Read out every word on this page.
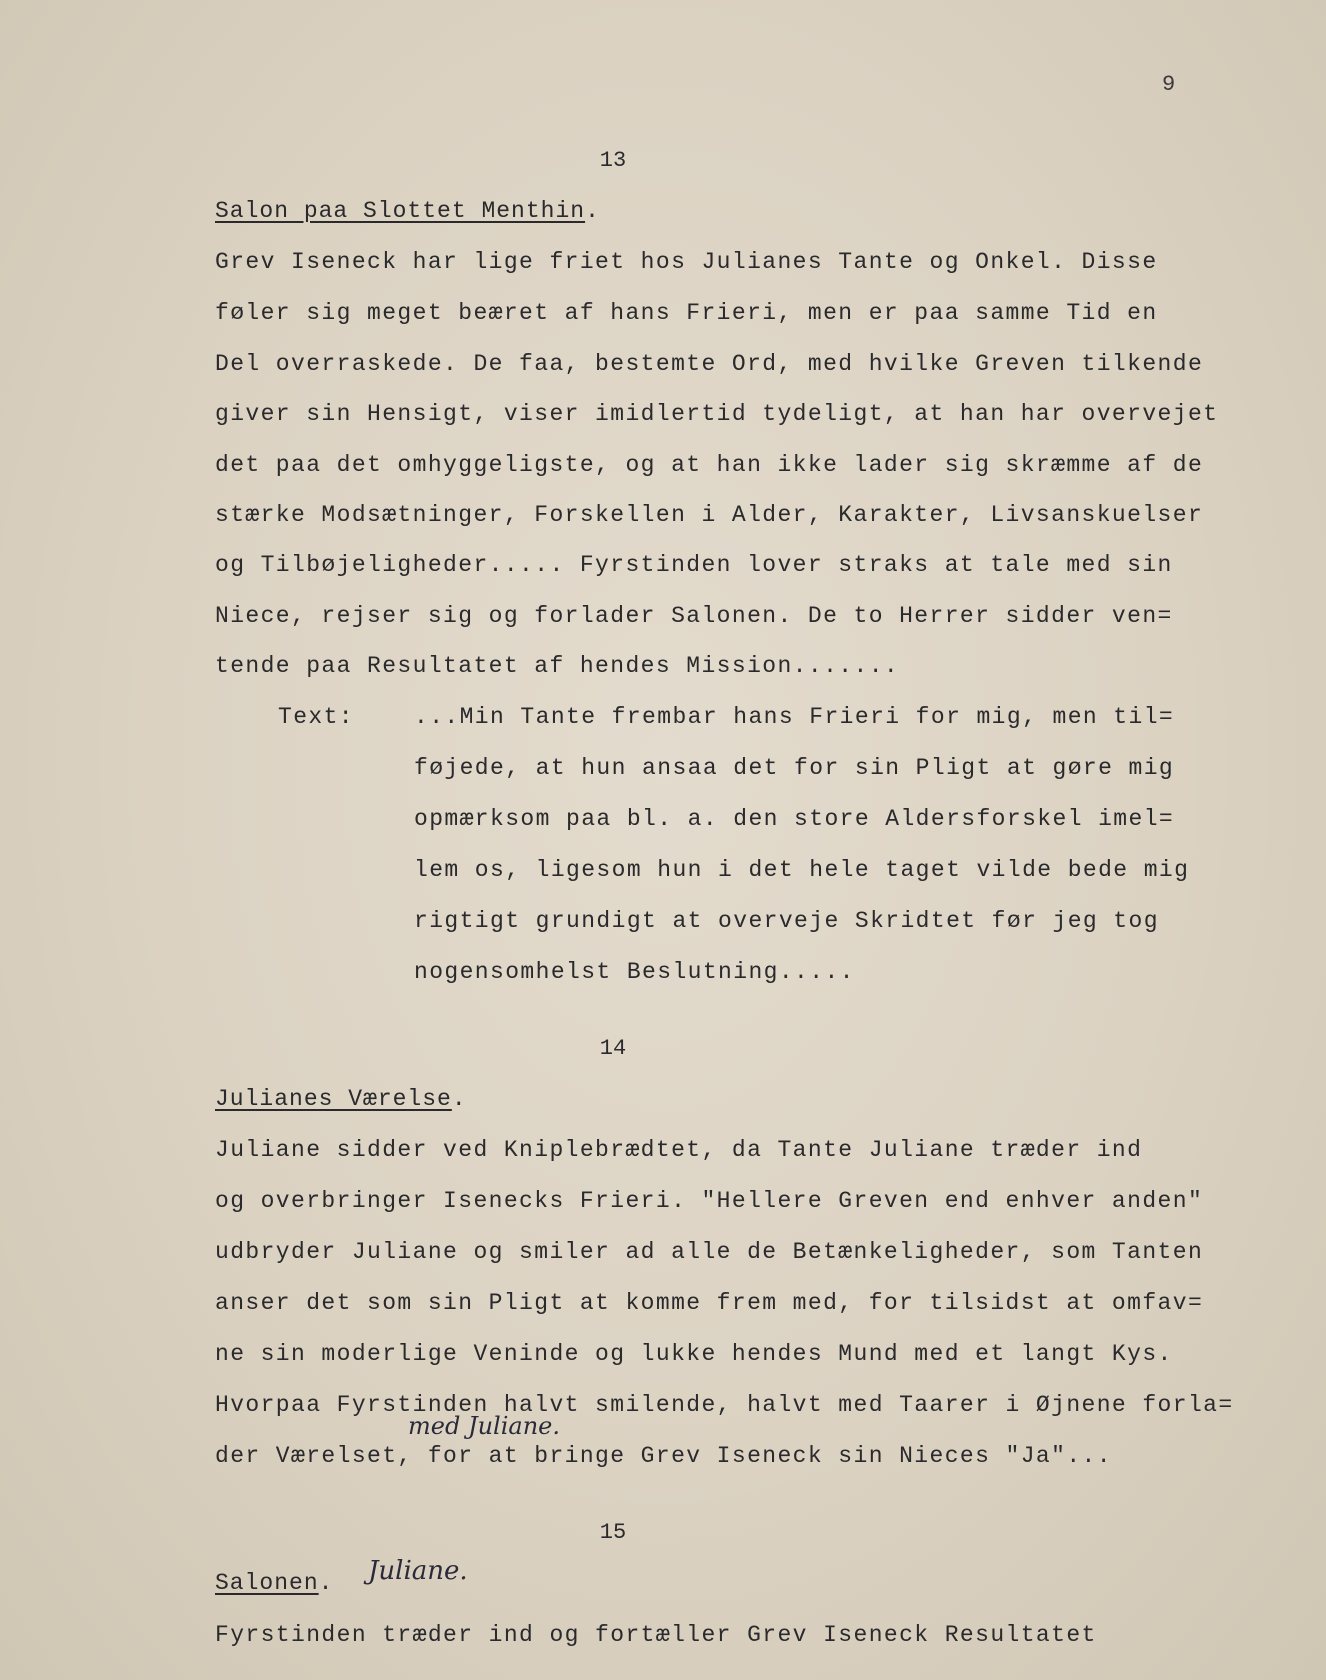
9
13
Salon paa Slottet Menthin.
Grev Iseneck har lige friet hos Julianes Tante og Onkel. Disse
føler sig meget beæret af hans Frieri, men er paa samme Tid en
Del overraskede. De faa, bestemte Ord, med hvilke Greven tilkende
giver sin Hensigt, viser imidlertid tydeligt, at han har overvejet
det paa det omhyggeligste, og at han ikke lader sig skræmme af de
stærke Modsætninger, Forskellen i Alder, Karakter, Livsanskuelser
og Tilbøjeligheder..... Fyrstinden lover straks at tale med sin
Niece, rejser sig og forlader Salonen. De to Herrer sidder ven=
tende paa Resultatet af hendes Mission.......
Text:	...Min Tante frembar hans Frieri for mig, men til=
føjede, at hun ansaa det for sin Pligt at gøre mig
opmærksom paa bl. a. den store Aldersforskel imel=
lem os, ligesom hun i det hele taget vilde bede mig
rigtigt grundigt at overveje Skridtet før jeg tog
nogensomhelst Beslutning.....
14
Julianes Værelse.
Juliane sidder ved Kniplebrædtet, da Tante Juliane træder ind
og overbringer Isenecks Frieri. "Hellere Greven end enhver anden"
udbryder Juliane og smiler ad alle de Betænkeligheder, som Tanten
anser det som sin Pligt at komme frem med, for tilsidst at omfav=
ne sin moderlige Veninde og lukke hendes Mund med et langt Kys.
Hvorpaa Fyrstinden halvt smilende, halvt med Taarer i Øjnene forla=
med Juliane.
der Værelset, for at bringe Grev Iseneck sin Nieces "Ja"...
15
Salonen. Juliane.
Fyrstinden træder ind og fortæller Grev Iseneck Resultatet
